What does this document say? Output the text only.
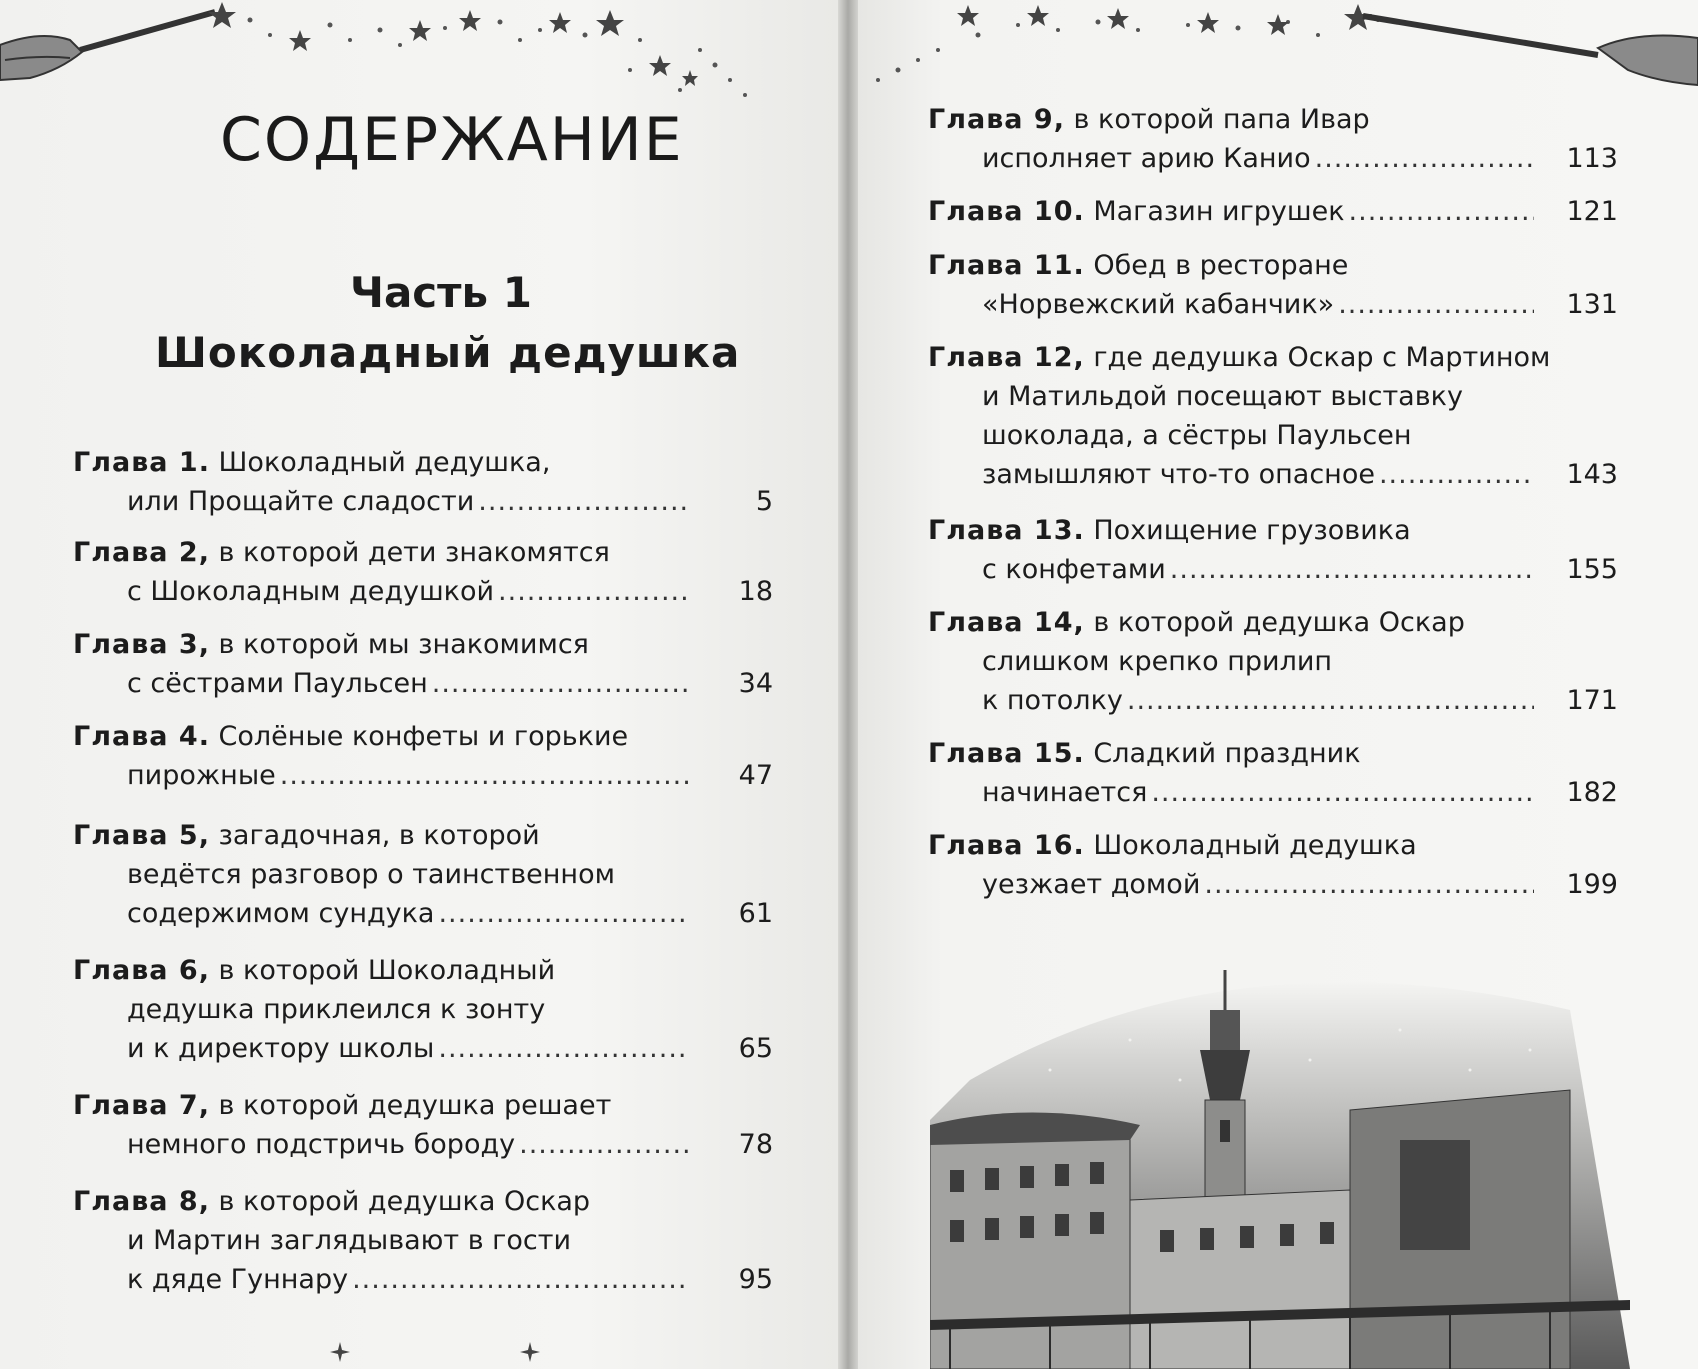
СОДЕРЖАНИЕ
Часть 1
Шоколадный дедушка
Глава 1. Шоколадный дедушка,
или Прощайте сладости .....	5
Глава 2, в которой дети знакомятся
с Шоколадным дедушкой .....	18
Глава 3, в которой мы знакомимся
с сёстрами Паульсен .....	34
Глава 4. Солёные конфеты и горькие
пирожные .....	47
Глава 5, загадочная, в которой
ведётся разговор о таинственном
содержимом сундука .....	61
Глава 6, в которой Шоколадный
дедушка приклеился к зонту
и к директору школы .....	65
Глава 7, в которой дедушка решает
немного подстричь бороду .....	78
Глава 8, в которой дедушка Оскар
и Мартин заглядывают в гости
к дяде Гуннару .....	95
Глава 9, в которой папа Ивар
исполняет арию Канио .....	113
Глава 10.
Магазин игрушек .....	121
Глава 11. Обед в ресторане
«Норвежский кабанчик» .....	131
Глава 12, где дедушка Оскар с Мартином
и Матильдой посещают выставку
шоколада, а сёстры Паульсен
замышляют что-то опасное .....	143
Глава 13. Похищение грузовика
с конфетами .....	155
Глава 14, в которой дедушка Оскар
слишком крепко прилип
к потолку .....	171
Глава 15. Сладкий праздник
начинается .....	182
Глава 16. Шоколадный дедушка
уезжает домой .....	199
